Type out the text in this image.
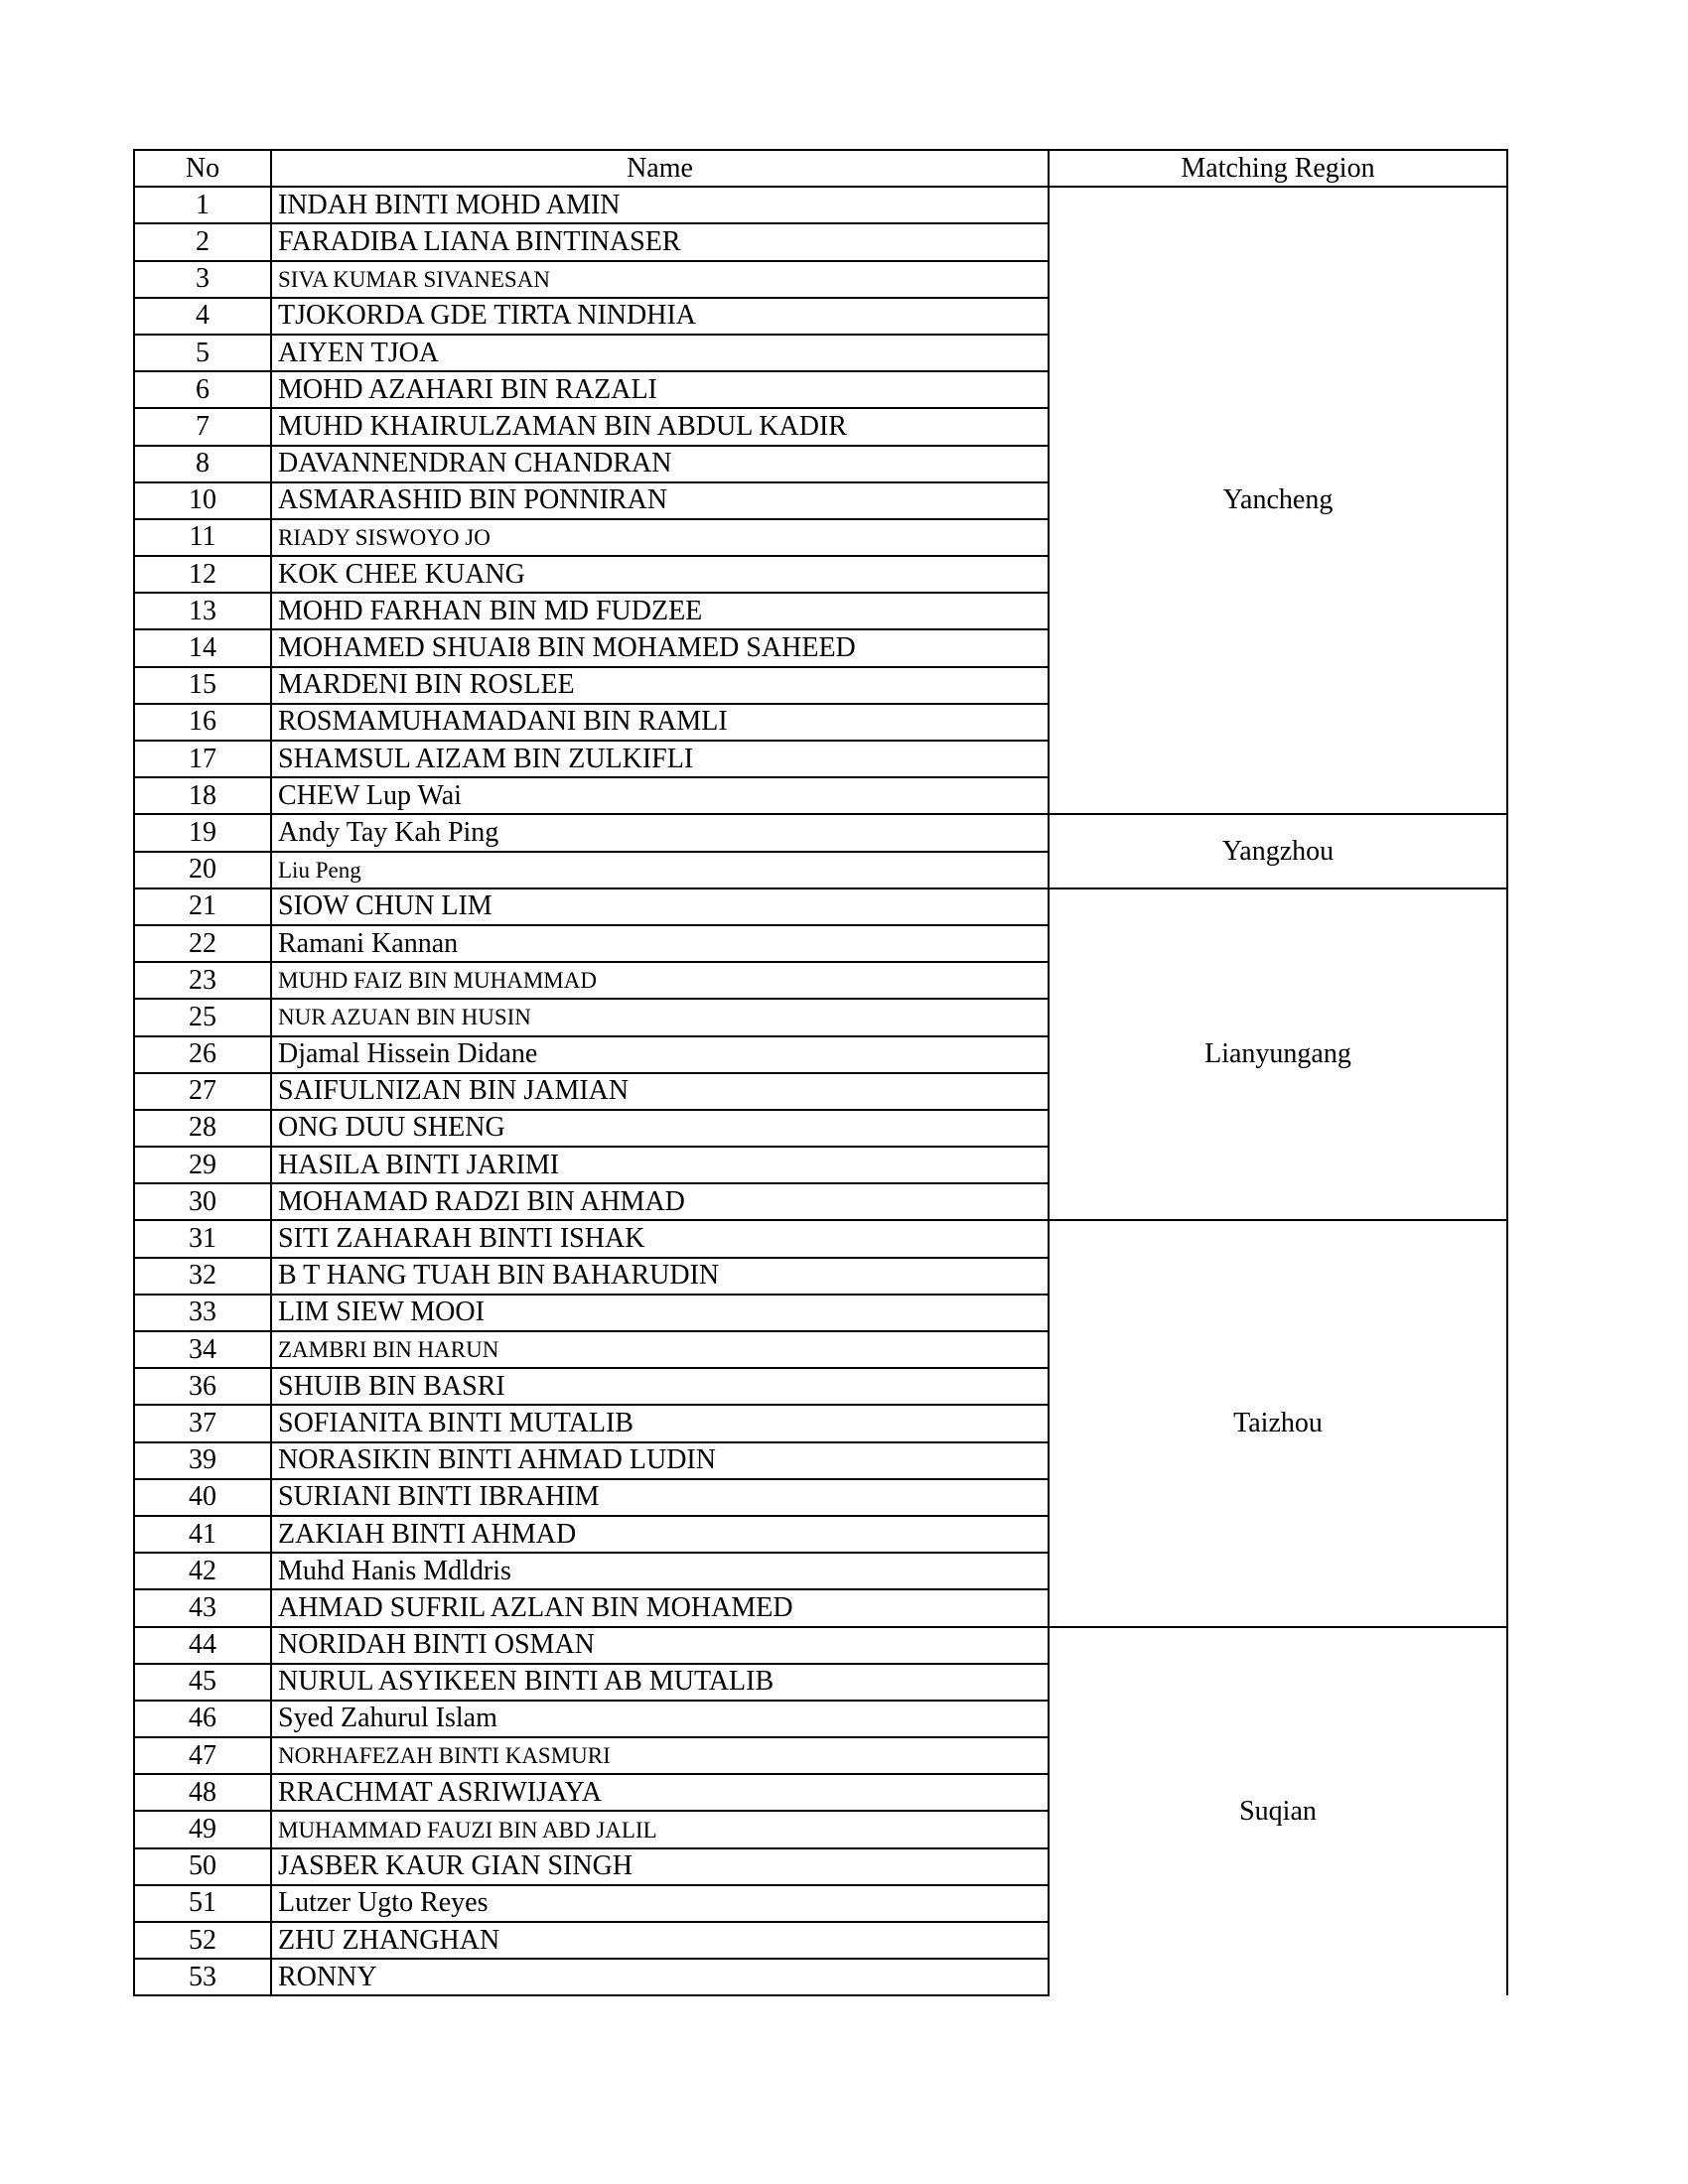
No	Name	Matching Region
1	INDAH BINTI MOHD AMIN	Yancheng
2	FARADIBA LIANA BINTINASER	
3	SIVA KUMAR SIVANESAN	
4	TJOKORDA GDE TIRTA NINDHIA	
5	AIYEN TJOA	
6	MOHD AZAHARI BIN RAZALI	
7	MUHD KHAIRULZAMAN BIN ABDUL KADIR	
8	DAVANNENDRAN CHANDRAN	
10	ASMARASHID BIN PONNIRAN	
11	RIADY SISWOYO JO	
12	KOK CHEE KUANG	
13	MOHD FARHAN BIN MD FUDZEE	
14	MOHAMED SHUAI8 BIN MOHAMED SAHEED	
15	MARDENI BIN ROSLEE	
16	ROSMAMUHAMADANI BIN RAMLI	
17	SHAMSUL AIZAM BIN ZULKIFLI	
18	CHEW Lup Wai	
19	Andy Tay Kah Ping	Yangzhou
20	Liu Peng	
21	SIOW CHUN LIM	Lianyungang
22	Ramani Kannan	
23	MUHD FAIZ BIN MUHAMMAD	
25	NUR AZUAN BIN HUSIN	
26	Djamal Hissein Didane	
27	SAIFULNIZAN BIN JAMIAN	
28	ONG DUU SHENG	
29	HASILA BINTI JARIMI	
30	MOHAMAD RADZI BIN AHMAD	
31	SITI ZAHARAH BINTI ISHAK	Taizhou
32	B T HANG TUAH BIN BAHARUDIN	
33	LIM SIEW MOOI	
34	ZAMBRI BIN HARUN	
36	SHUIB BIN BASRI	
37	SOFIANITA BINTI MUTALIB	
39	NORASIKIN BINTI AHMAD LUDIN	
40	SURIANI BINTI IBRAHIM	
41	ZAKIAH BINTI AHMAD	
42	Muhd Hanis Mdldris	
43	AHMAD SUFRIL AZLAN BIN MOHAMED	
44	NORIDAH BINTI OSMAN	Suqian
45	NURUL ASYIKEEN BINTI AB MUTALIB	
46	Syed Zahurul Islam	
47	NORHAFEZAH BINTI KASMURI	
48	RRACHMAT ASRIWIJAYA	
49	MUHAMMAD FAUZI BIN ABD JALIL	
50	JASBER KAUR GIAN SINGH	
51	Lutzer Ugto Reyes	
52	ZHU ZHANGHAN	
53	RONNY	
